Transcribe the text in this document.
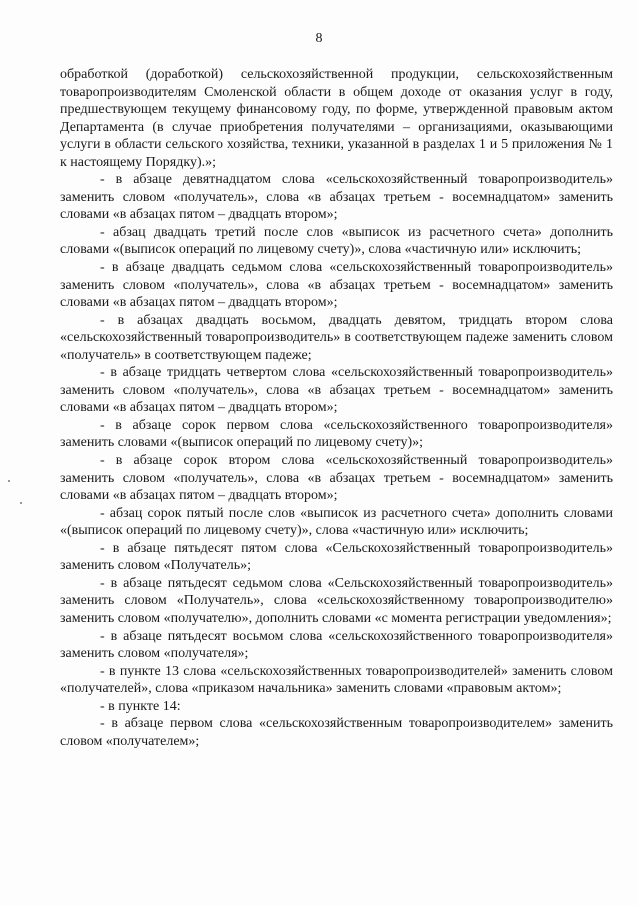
8

обработкой (доработкой) сельскохозяйственной продукции, сельскохозяйственным товаропроизводителям Смоленской области в общем доходе от оказания услуг в году, предшествующем текущему финансовому году, по форме, утвержденной правовым актом Департамента (в случае приобретения получателями – организациями, оказывающими услуги в области сельского хозяйства, техники, указанной в разделах 1 и 5 приложения № 1 к настоящему Порядку).»;

- в абзаце девятнадцатом слова «сельскохозяйственный товаропроизводитель» заменить словом «получатель», слова «в абзацах третьем - восемнадцатом» заменить словами «в абзацах пятом – двадцать втором»;

- абзац двадцать третий после слов «выписок из расчетного счета» дополнить словами «(выписок операций по лицевому счету)», слова «частичную или» исключить;

- в абзаце двадцать седьмом слова «сельскохозяйственный товаропроизводитель» заменить словом «получатель», слова «в абзацах третьем - восемнадцатом» заменить словами «в абзацах пятом – двадцать втором»;

- в абзацах двадцать восьмом, двадцать девятом, тридцать втором слова «сельскохозяйственный товаропроизводитель» в соответствующем падеже заменить словом «получатель» в соответствующем падеже;

- в абзаце тридцать четвертом слова «сельскохозяйственный товаропроизводитель» заменить словом «получатель», слова «в абзацах третьем - восемнадцатом» заменить словами «в абзацах пятом – двадцать втором»;

- в абзаце сорок первом слова «сельскохозяйственного товаропроизводителя» заменить словами «(выписок операций по лицевому счету)»;

- в абзаце сорок втором слова «сельскохозяйственный товаропроизводитель» заменить словом «получатель», слова «в абзацах третьем - восемнадцатом» заменить словами «в абзацах пятом – двадцать втором»;

- абзац сорок пятый после слов «выписок из расчетного счета» дополнить словами «(выписок операций по лицевому счету)», слова «частичную или» исключить;

- в абзаце пятьдесят пятом слова «Сельскохозяйственный товаропроизводитель» заменить словом «Получатель»;

- в абзаце пятьдесят седьмом слова «Сельскохозяйственный товаропроизводитель» заменить словом «Получатель», слова «сельскохозяйственному товаропроизводителю» заменить словом «получателю», дополнить словами «с момента регистрации уведомления»;

- в абзаце пятьдесят восьмом слова «сельскохозяйственного товаропроизводителя» заменить словом «получателя»;

- в пункте 13 слова «сельскохозяйственных товаропроизводителей» заменить словом «получателей», слова «приказом начальника» заменить словами «правовым актом»;

- в пункте 14:

- в абзаце первом слова «сельскохозяйственным товаропроизводителем» заменить словом «получателем»;
